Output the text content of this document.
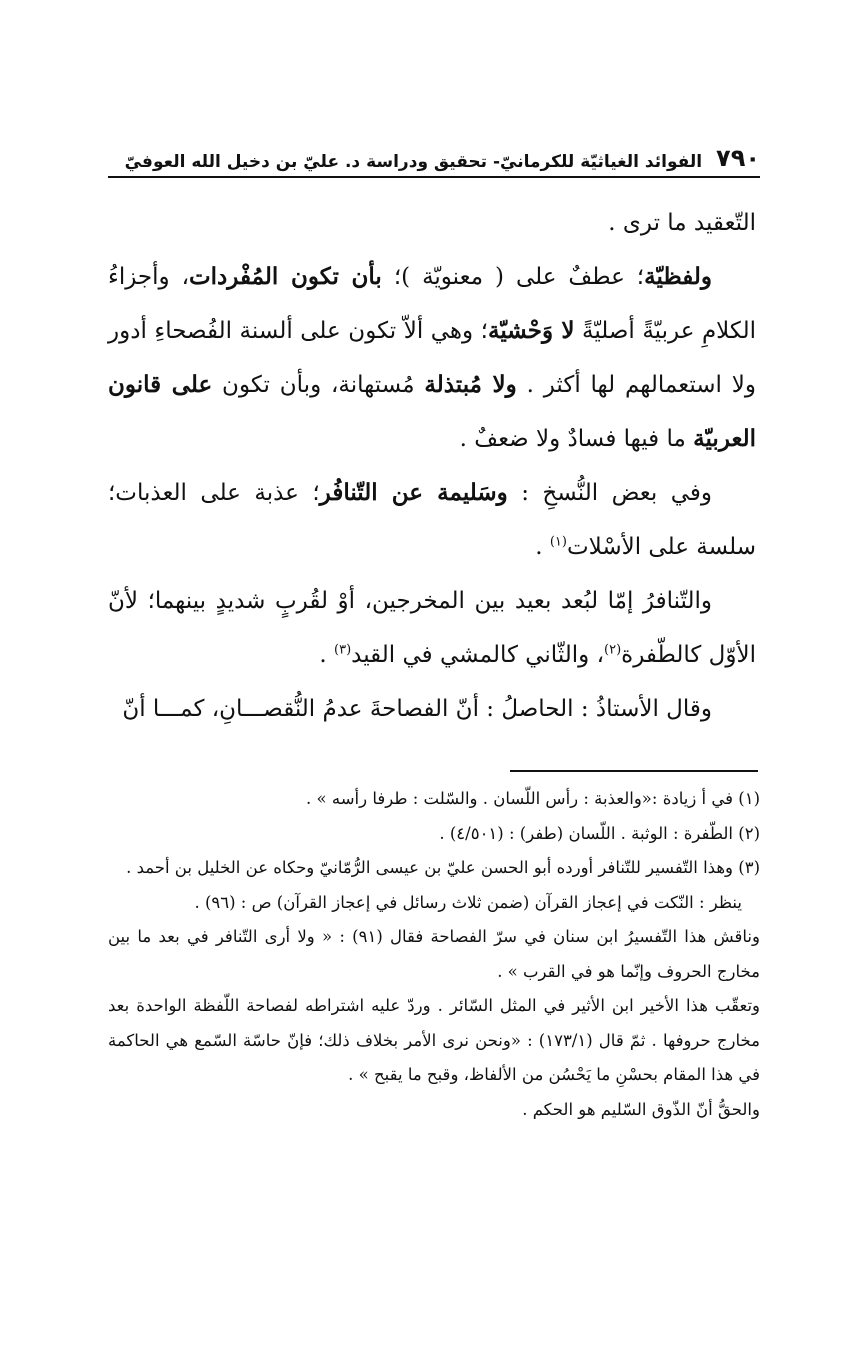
٧٩٠
الفوائد الغياثيّة للكرمانيّ- تحقيق ودراسة د. عليّ بن دخيل الله العوفيّ

التّعقيد ما ترى .

ولفظيّة؛ عطفٌ على ( معنويّة )؛ بأن تكون المُفْردات، وأجزاءُ الكلامِ عربيّةً أصليّةً لا وَحْشيّة؛ وهي ألاّ تكون على ألسنة الفُصحاءِ أدور ولا استعمالهم لها أكثر . ولا مُبتذلة مُستهانة، وبأن تكون على قانون العربيّة ما فيها فسادٌ ولا ضعفٌ .

وفي بعض النُّسخِ : وسَليمة عن التّنافُر؛ عذبة على العذبات؛ سلسة على الأسْلات$^{(١)}$ .

والتّنافرُ إمّا لبُعد بعيد بين المخرجين، أوْ لقُربٍ شديدٍ بينهما؛ لأنّ الأوّل كالطّفرة$^{(٢)}$، والثّاني كالمشي في القيد$^{(٣)}$ .

وقال الأستاذُ : الحاصلُ : أنّ الفصاحةَ عدمُ النُّقصـــانِ، كمـــا أنّ

(١) في أ زيادة :«والعذبة : رأس اللّسان . والسّلت : طرفا رأسه » .

(٢) الطّفرة : الوثبة . اللّسان (طفر) : (٤/٥٠١) .

(٣) وهذا التّفسير للتّنافر أورده أبو الحسن عليّ بن عيسى الرُّمّانيّ وحكاه عن الخليل بن أحمد .

ينظر : النّكت في إعجاز القرآن (ضمن ثلاث رسائل في إعجاز القرآن) ص : (٩٦) .

وناقش هذا التّفسيرُ ابن سنان في سرّ الفصاحة فقال (٩١) : « ولا أرى التّنافر في بعد ما بين مخارج الحروف وإنّما هو في القرب » .

وتعقّب هذا الأخير ابن الأثير في المثل السّائر . وردّ عليه اشتراطه لفصاحة اللّفظة الواحدة بعد مخارج حروفها . ثمّ قال (١٧٣/١) : «ونحن نرى الأمر بخلاف ذلك؛ فإنّ حاسّة السّمع هي الحاكمة في هذا المقام بحسْنِ ما يَحْسُن من الألفاظ، وقبح ما يقبح » .

والحقُّ أنّ الذّوق السّليم هو الحكم .
